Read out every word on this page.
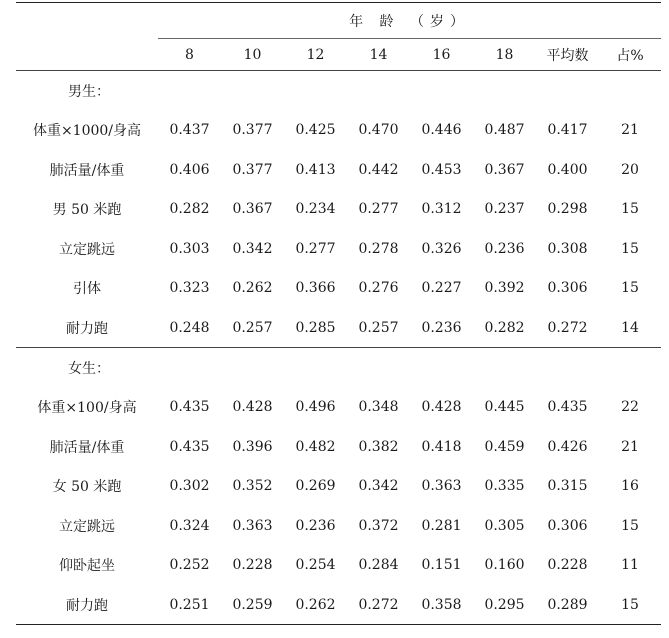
	年 龄 （岁）							
	8	10	12	14	16	18	平均数	占%
男生：								
体重×1000/身高	0.437	0.377	0.425	0.470	0.446	0.487	0.417	21
肺活量/体重	0.406	0.377	0.413	0.442	0.453	0.367	0.400	20
男 50 米跑	0.282	0.367	0.234	0.277	0.312	0.237	0.298	15
立定跳远	0.303	0.342	0.277	0.278	0.326	0.236	0.308	15
引体	0.323	0.262	0.366	0.276	0.227	0.392	0.306	15
耐力跑	0.248	0.257	0.285	0.257	0.236	0.282	0.272	14
女生：								
体重×100/身高	0.435	0.428	0.496	0.348	0.428	0.445	0.435	22
肺活量/体重	0.435	0.396	0.482	0.382	0.418	0.459	0.426	21
女 50 米跑	0.302	0.352	0.269	0.342	0.363	0.335	0.315	16
立定跳远	0.324	0.363	0.236	0.372	0.281	0.305	0.306	15
仰卧起坐	0.252	0.228	0.254	0.284	0.151	0.160	0.228	11
耐力跑	0.251	0.259	0.262	0.272	0.358	0.295	0.289	15
